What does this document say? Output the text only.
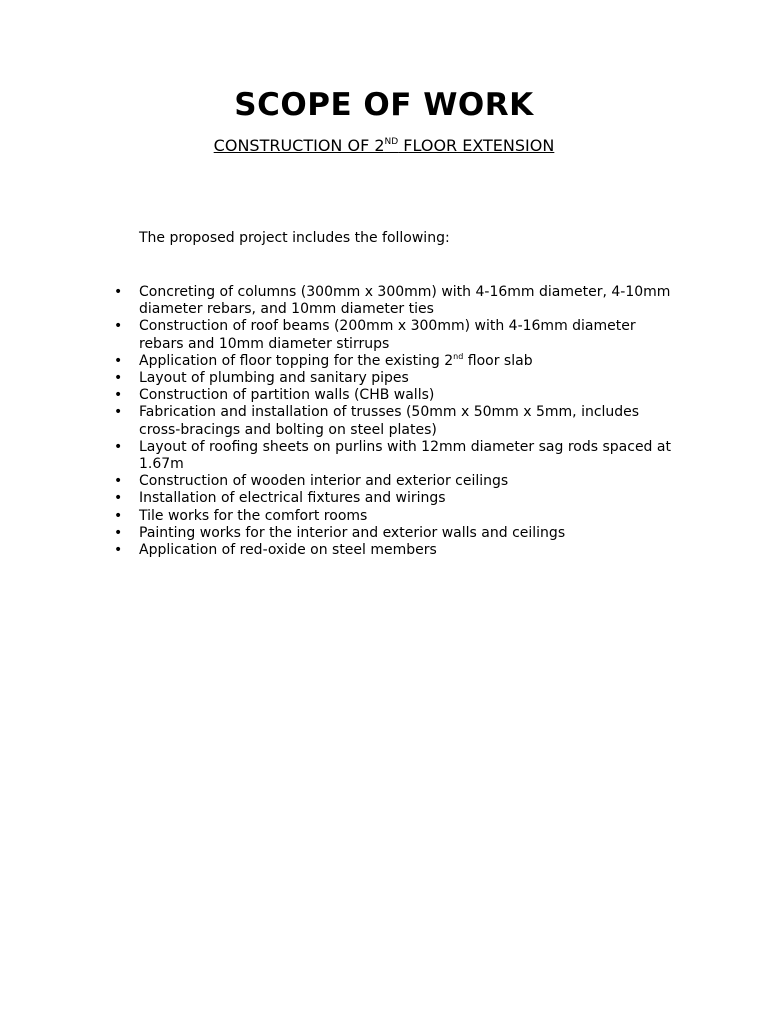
SCOPE OF WORK

CONSTRUCTION OF 2ND FLOOR EXTENSION

The proposed project includes the following:

• Concreting of columns (300mm x 300mm) with 4-16mm diameter, 4-10mm diameter rebars, and 10mm diameter ties
• Construction of roof beams (200mm x 300mm) with 4-16mm diameter rebars and 10mm diameter stirrups
• Application of floor topping for the existing 2nd floor slab
• Layout of plumbing and sanitary pipes
• Construction of partition walls (CHB walls)
• Fabrication and installation of trusses (50mm x 50mm x 5mm, includes cross-bracings and bolting on steel plates)
• Layout of roofing sheets on purlins with 12mm diameter sag rods spaced at 1.67m
• Construction of wooden interior and exterior ceilings
• Installation of electrical fixtures and wirings
• Tile works for the comfort rooms
• Painting works for the interior and exterior walls and ceilings
• Application of red-oxide on steel members
